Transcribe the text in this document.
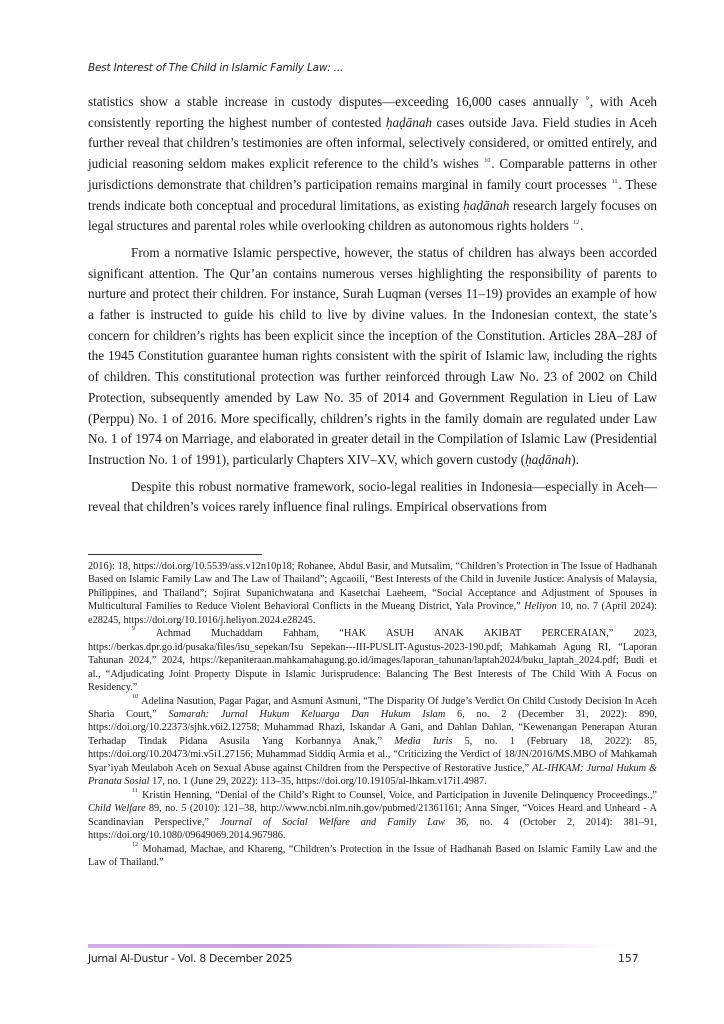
Best Interest of The Child in Islamic Family Law: ...

statistics show a stable increase in custody disputes—exceeding 16,000 cases annually $^9$, with Aceh consistently reporting the highest number of contested ḥaḍānah cases outside Java. Field studies in Aceh further reveal that children’s testimonies are often informal, selectively considered, or omitted entirely, and judicial reasoning seldom makes explicit reference to the child’s wishes $^{10}$. Comparable patterns in other jurisdictions demonstrate that children’s participation remains marginal in family court processes $^{11}$. These trends indicate both conceptual and procedural limitations, as existing ḥaḍānah research largely focuses on legal structures and parental roles while overlooking children as autonomous rights holders $^{12}$.

From a normative Islamic perspective, however, the status of children has always been accorded significant attention. The Qur’an contains numerous verses highlighting the responsibility of parents to nurture and protect their children. For instance, Surah Luqman (verses 11–19) provides an example of how a father is instructed to guide his child to live by divine values. In the Indonesian context, the state’s concern for children’s rights has been explicit since the inception of the Constitution. Articles 28A–28J of the 1945 Constitution guarantee human rights consistent with the spirit of Islamic law, including the rights of children. This constitutional protection was further reinforced through Law No. 23 of 2002 on Child Protection, subsequently amended by Law No. 35 of 2014 and Government Regulation in Lieu of Law (Perppu) No. 1 of 2016. More specifically, children’s rights in the family domain are regulated under Law No. 1 of 1974 on Marriage, and elaborated in greater detail in the Compilation of Islamic Law (Presidential Instruction No. 1 of 1991), particularly Chapters XIV–XV, which govern custody (ḥaḍānah).

Despite this robust normative framework, socio-legal realities in Indonesia—especially in Aceh—reveal that children’s voices rarely influence final rulings. Empirical observations from

2016): 18, https://doi.org/10.5539/ass.v12n10p18; Rohanee, Abdul Basir, and Mutsalim, “Children’s Protection in The Issue of Hadhanah Based on Islamic Family Law and The Law of Thailand”; Agcaoili, “Best Interests of the Child in Juvenile Justice: Analysis of Malaysia, Philippines, and Thailand”; Sojirat Supanichwatana and Kasetchai Laeheem, “Social Acceptance and Adjustment of Spouses in Multicultural Families to Reduce Violent Behavioral Conflicts in the Mueang District, Yala Province,” Heliyon 10, no. 7 (April 2024): e28245, https://doi.org/10.1016/j.heliyon.2024.e28245.

$^9$ Achmad Muchaddam Fahham, “HAK ASUH ANAK AKIBAT PERCERAIAN,” 2023, https://berkas.dpr.go.id/pusaka/files/isu_sepekan/Isu Sepekan---III-PUSLIT-Agustus-2023-190.pdf; Mahkamah Agung RI, “Laporan Tahunan 2024,” 2024, https://kepaniteraan.mahkamahagung.go.id/images/laporan_tahunan/laptah2024/buku_laptah_2024.pdf; Budi et al., “Adjudicating Joint Property Dispute in Islamic Jurisprudence: Balancing The Best Interests of The Child With A Focus on Residency.”

$^{10}$ Adelina Nasution, Pagar Pagar, and Asmuni Asmuni, “The Disparity Of Judge’s Verdict On Child Custody Decision In Aceh Sharia Court,” Samarah: Jurnal Hukum Keluarga Dan Hukum Islam 6, no. 2 (December 31, 2022): 890, https://doi.org/10.22373/sjhk.v6i2.12758; Muhammad Rhazi, Iskandar A Gani, and Dahlan Dahlan, “Kewenangan Penerapan Aturan Terhadap Tindak Pidana Asusila Yang Korbannya Anak,” Media Iuris 5, no. 1 (February 18, 2022): 85, https://doi.org/10.20473/mi.v5i1.27156; Muhammad Siddiq Armia et al., “Criticizing the Verdict of 18/JN/2016/MS.MBO of Mahkamah Syar’iyah Meulaboh Aceh on Sexual Abuse against Children from the Perspective of Restorative Justice,” AL-IHKAM: Jurnal Hukum & Pranata Sosial 17, no. 1 (June 29, 2022): 113–35, https://doi.org/10.19105/al-lhkam.v17i1.4987.

$^{11}$ Kristin Henning, “Denial of the Child’s Right to Counsel, Voice, and Participation in Juvenile Delinquency Proceedings.,” Child Welfare 89, no. 5 (2010): 121–38, http://www.ncbi.nlm.nih.gov/pubmed/21361161; Anna Singer, “Voices Heard and Unheard - A Scandinavian Perspective,” Journal of Social Welfare and Family Law 36, no. 4 (October 2, 2014): 381–91, https://doi.org/10.1080/09649069.2014.967986.

$^{12}$ Mohamad, Machae, and Khareng, “Children’s Protection in the Issue of Hadhanah Based on Islamic Family Law and the Law of Thailand.”

Jurnal Al-Dustur - Vol. 8 December 2025	157
